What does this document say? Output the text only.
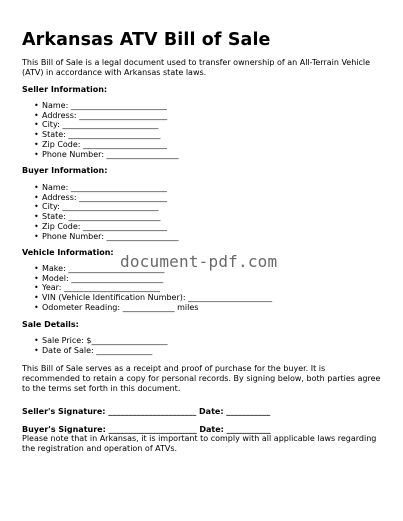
Arkansas ATV Bill of Sale

This Bill of Sale is a legal document used to transfer ownership of an All-Terrain Vehicle (ATV) in accordance with Arkansas state laws.

Seller Information:

• Name: ________________________
• Address: ______________________
• City: ________________________
• State: _______________________
• Zip Code: _____________________
• Phone Number: __________________

Buyer Information:

• Name: ________________________
• Address: ______________________
• City: ________________________
• State: _______________________
• Zip Code: _____________________
• Phone Number: __________________

Vehicle Information:

• Make: ________________________
• Model: _______________________
• Year: ________________________
• VIN (Vehicle Identification Number): _____________________
• Odometer Reading: _____________ miles

Sale Details:

• Sale Price: $___________________
• Date of Sale: ______________

This Bill of Sale serves as a receipt and proof of purchase for the buyer. It is recommended to retain a copy for personal records. By signing below, both parties agree to the terms set forth in this document.

Seller's Signature: ______________________ Date: ___________

Buyer's Signature: ______________________ Date: ___________

Please note that in Arkansas, it is important to comply with all applicable laws regarding the registration and operation of ATVs.

document-pdf.com
